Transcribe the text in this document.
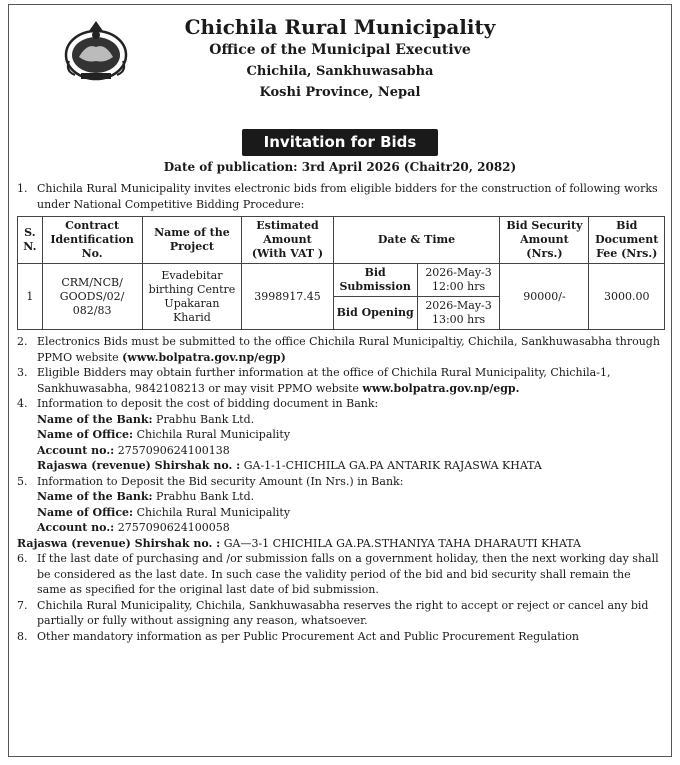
Chichila Rural Municipality
Office of the Municipal Executive
Chichila, Sankhuwasabha
Koshi Province, Nepal
Invitation for Bids
Date of publication: 3rd April 2026 (Chaitr20, 2082)
1. Chichila Rural Municipality invites electronic bids from eligible bidders for the construction of following works under National Competitive Bidding Procedure:
S. N.	Contract Identification No.	Name of the Project	Estimated Amount (With VAT )	Date & Time		Bid Security Amount (Nrs.)	Bid Document Fee (Nrs.)
1	CRM/NCB/ GOODS/02/ 082/83	Evadebitar birthing Centre Upakaran Kharid	3998917.45	Bid Submission	2026-May-3 12:00 hrs	90000/-	3000.00
				Bid Opening	2026-May-3 13:00 hrs		
2. Electronics Bids must be submitted to the office Chichila Rural Municipaltiy, Chichila, Sankhuwasabha through PPMO website (www.bolpatra.gov.np/egp)
3. Eligible Bidders may obtain further information at the office of Chichila Rural Municipality, Chichila-1, Sankhuwasabha, 9842108213 or may visit PPMO website www.bolpatra.gov.np/egp.
4. Information to deposit the cost of bidding document in Bank:
Name of the Bank: Prabhu Bank Ltd.
Name of Office: Chichila Rural Municipality
Account no.: 2757090624100138
Rajaswa (revenue) Shirshak no. : GA-1-1-CHICHILA GA.PA ANTARIK RAJASWA KHATA
5. Information to Deposit the Bid security Amount (In Nrs.) in Bank:
Name of the Bank: Prabhu Bank Ltd.
Name of Office: Chichila Rural Municipality
Account no.: 2757090624100058
Rajaswa (revenue) Shirshak no. : GA—3-1 CHICHILA GA.PA.STHANIYA TAHA DHARAUTI KHATA
6. If the last date of purchasing and /or submission falls on a government holiday, then the next working day shall be considered as the last date. In such case the validity period of the bid and bid security shall remain the same as specified for the original last date of bid submission.
7. Chichila Rural Municipality, Chichila, Sankhuwasabha reserves the right to accept or reject or cancel any bid partially or fully without assigning any reason, whatsoever.
8. Other mandatory information as per Public Procurement Act and Public Procurement Regulation
